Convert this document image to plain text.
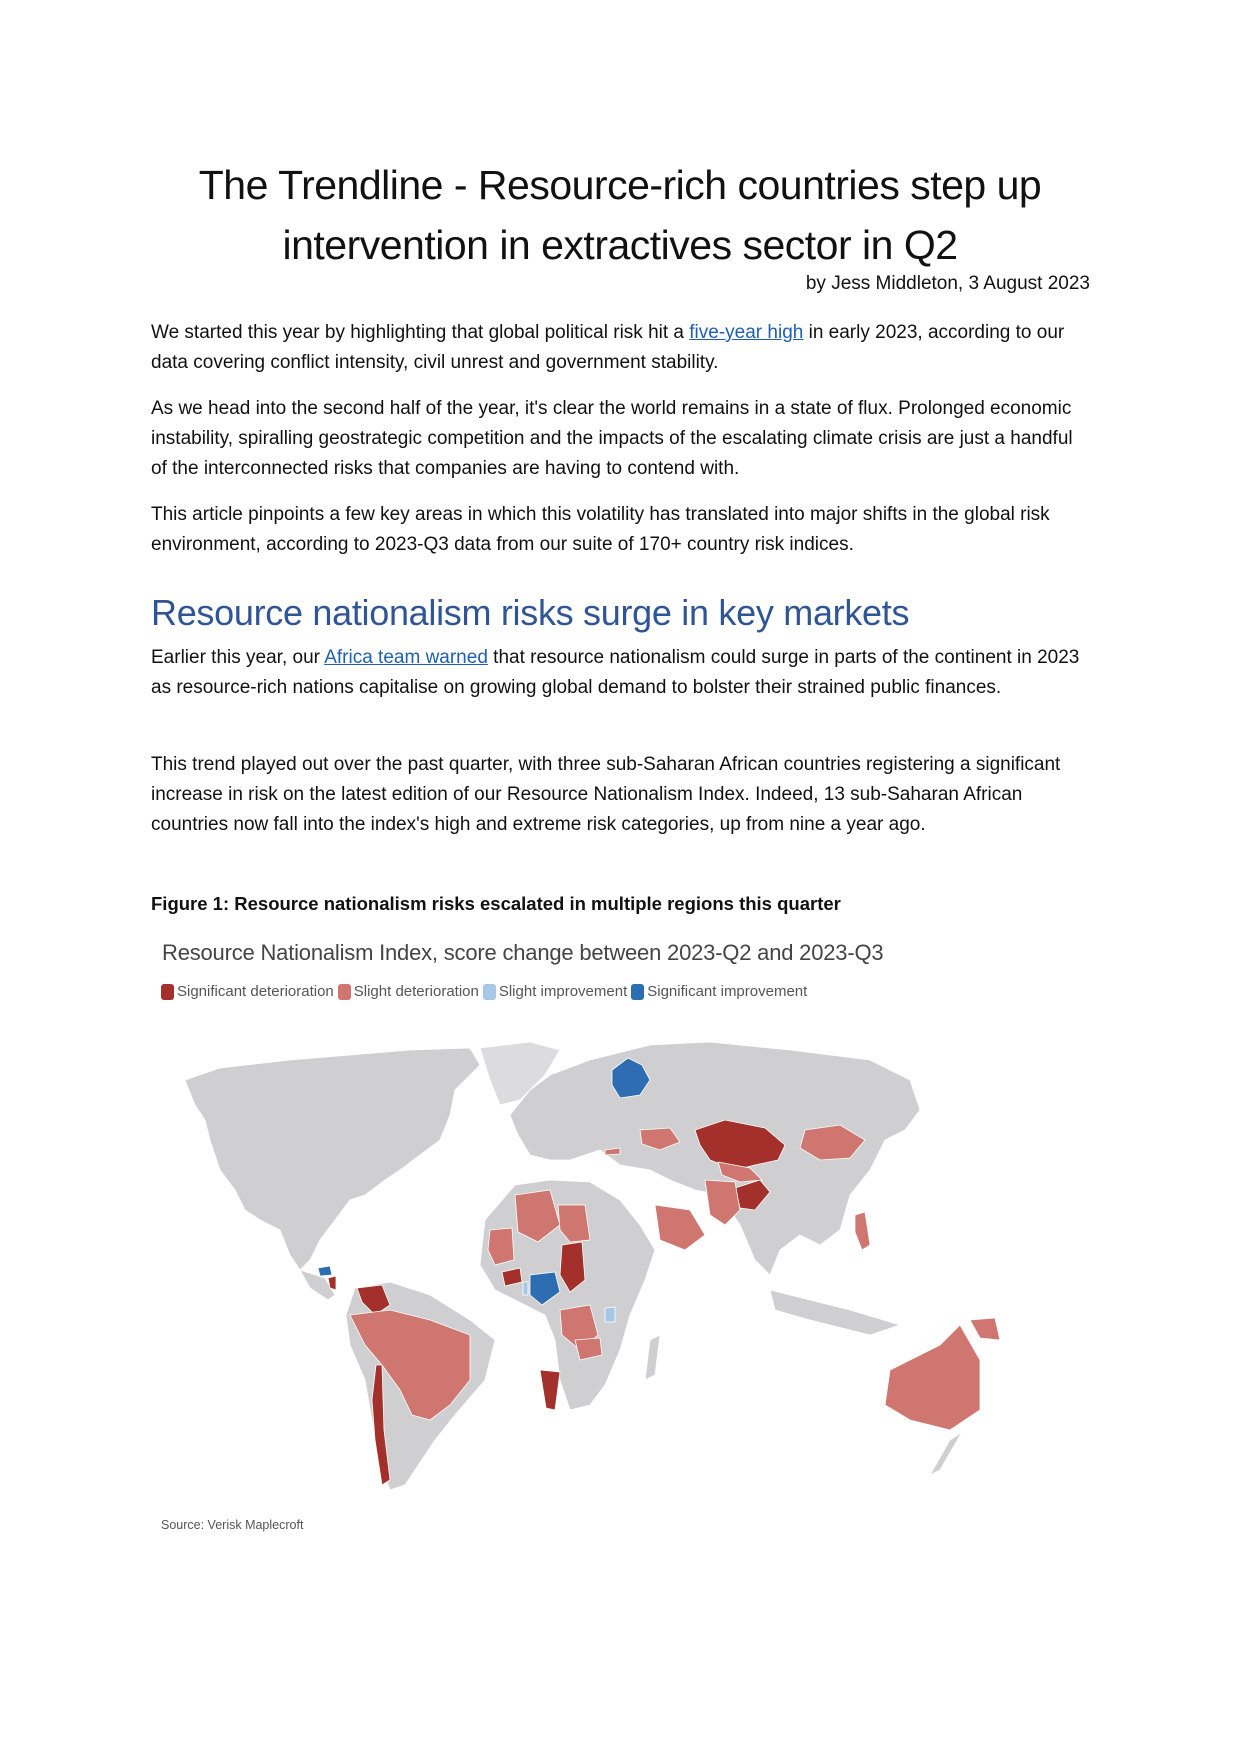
The Trendline - Resource-rich countries step up intervention in extractives sector in Q2
by Jess Middleton, 3 August 2023

We started this year by highlighting that global political risk hit a five-year high in early 2023, according to our data covering conflict intensity, civil unrest and government stability.

As we head into the second half of the year, it's clear the world remains in a state of flux. Prolonged economic instability, spiralling geostrategic competition and the impacts of the escalating climate crisis are just a handful of the interconnected risks that companies are having to contend with.

This article pinpoints a few key areas in which this volatility has translated into major shifts in the global risk environment, according to 2023-Q3 data from our suite of 170+ country risk indices.

Resource nationalism risks surge in key markets

Earlier this year, our Africa team warned that resource nationalism could surge in parts of the continent in 2023 as resource-rich nations capitalise on growing global demand to bolster their strained public finances.

This trend played out over the past quarter, with three sub-Saharan African countries registering a significant increase in risk on the latest edition of our Resource Nationalism Index. Indeed, 13 sub-Saharan African countries now fall into the index's high and extreme risk categories, up from nine a year ago.

Figure 1: Resource nationalism risks escalated in multiple regions this quarter
Resource Nationalism Index, score change between 2023-Q2 and 2023-Q3
Significant deterioration Slight deterioration Slight improvement Significant improvement
Source: Verisk Maplecroft
